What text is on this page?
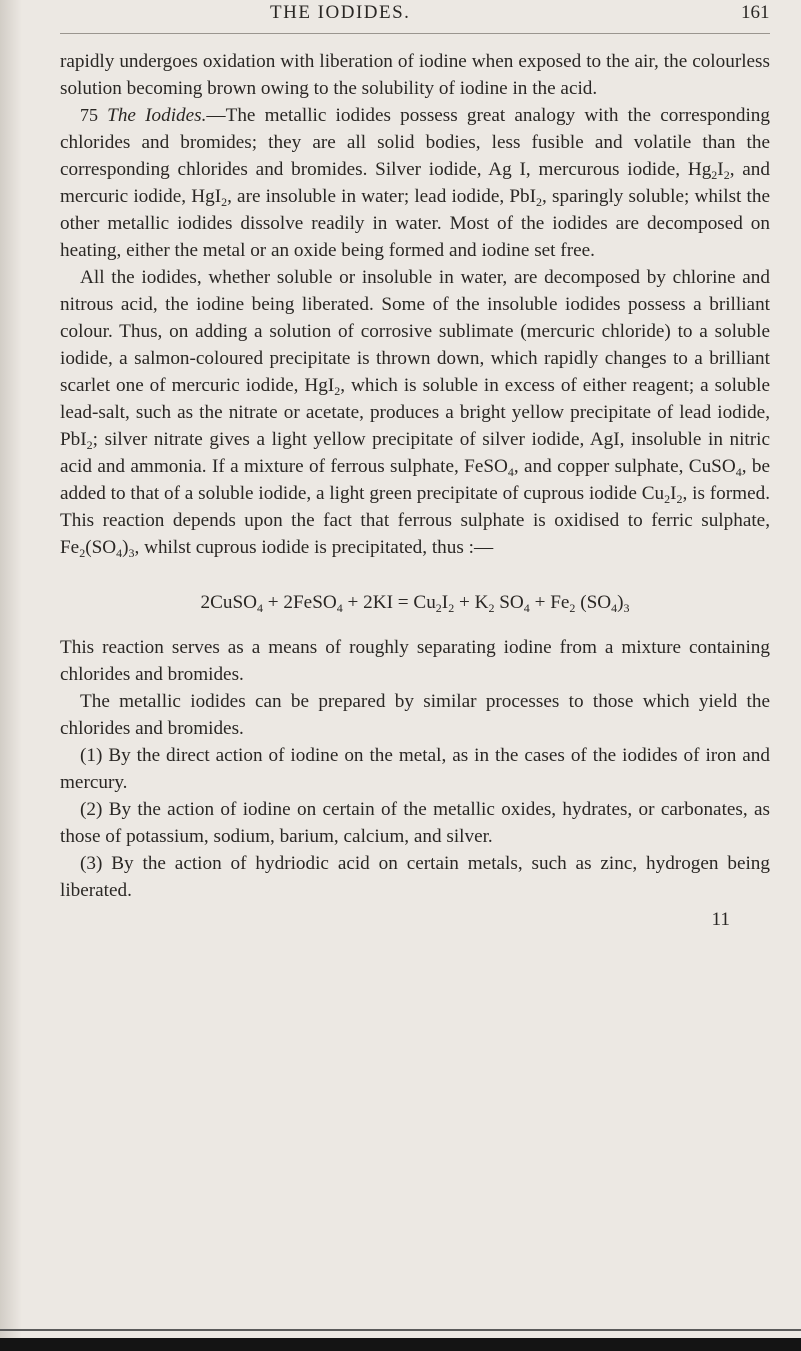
THE IODIDES.	161

rapidly undergoes oxidation with liberation of iodine when exposed to the air, the colourless solution becoming brown owing to the solubility of iodine in the acid.

75 The Iodides.—The metallic iodides possess great analogy with the corresponding chlorides and bromides; they are all solid bodies, less fusible and volatile than the corresponding chlorides and bromides. Silver iodide, Ag I, mercurous iodide, $Hg_2I_2$, and mercuric iodide, HgI$_2$, are insoluble in water; lead iodide, PbI$_2$, sparingly soluble; whilst the other metallic iodides dissolve readily in water. Most of the iodides are decomposed on heating, either the metal or an oxide being formed and iodine set free.

All the iodides, whether soluble or insoluble in water, are decomposed by chlorine and nitrous acid, the iodine being liberated. Some of the insoluble iodides possess a brilliant colour. Thus, on adding a solution of corrosive sublimate (mercuric chloride) to a soluble iodide, a salmon-coloured precipitate is thrown down, which rapidly changes to a brilliant scarlet one of mercuric iodide, HgI$_2$, which is soluble in excess of either reagent; a soluble lead-salt, such as the nitrate or acetate, produces a bright yellow precipitate of lead iodide, PbI$_2$; silver nitrate gives a light yellow precipitate of silver iodide, AgI, insoluble in nitric acid and ammonia. If a mixture of ferrous sulphate, FeSO$_4$, and copper sulphate, CuSO$_4$, be added to that of a soluble iodide, a light green precipitate of cuprous iodide $Cu_2I_2$, is formed. This reaction depends upon the fact that ferrous sulphate is oxidised to ferric sulphate, $Fe_2(SO_4)_3$, whilst cuprous iodide is precipitated, thus :—

2CuSO$_4$ + 2FeSO$_4$ + $2KI = Cu_2I_2 + K_2$ $SO_4 + Fe_2$ $(SO_4)_3$

This reaction serves as a means of roughly separating iodine from a mixture containing chlorides and bromides.

The metallic iodides can be prepared by similar processes to those which yield the chlorides and bromides.

(1) By the direct action of iodine on the metal, as in the cases of the iodides of iron and mercury.

(2) By the action of iodine on certain of the metallic oxides, hydrates, or carbonates, as those of potassium, sodium, barium, calcium, and silver.

(3) By the action of hydriodic acid on certain metals, such as zinc, hydrogen being liberated.

11
